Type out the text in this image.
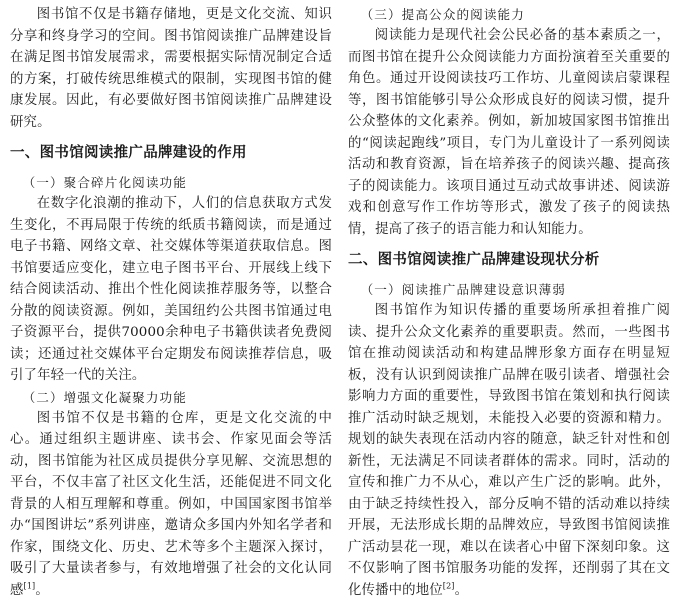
图书馆不仅是书籍存储地，更是文化交流、知识分享和终身学习的空间。图书馆阅读推广品牌建设旨在满足图书馆发展需求，需要根据实际情况制定合适的方案，打破传统思维模式的限制，实现图书馆的健康发展。因此，有必要做好图书馆阅读推广品牌建设研究。

一、图书馆阅读推广品牌建设的作用
（一）聚合碎片化阅读功能

在数字化浪潮的推动下，人们的信息获取方式发生变化，不再局限于传统的纸质书籍阅读，而是通过电子书籍、网络文章、社交媒体等渠道获取信息。图书馆要适应变化，建立电子图书平台、开展线上线下结合阅读活动、推出个性化阅读推荐服务等，以整合分散的阅读资源。例如，美国纽约公共图书馆通过电子资源平台，提供70000余种电子书籍供读者免费阅读；还通过社交媒体平台定期发布阅读推荐信息，吸引了年轻一代的关注。

（二）增强文化凝聚力功能

图书馆不仅是书籍的仓库，更是文化交流的中心。通过组织主题讲座、读书会、作家见面会等活动，图书馆能为社区成员提供分享见解、交流思想的平台，不仅丰富了社区文化生活，还能促进不同文化背景的人相互理解和尊重。例如，中国国家图书馆举办“国图讲坛”系列讲座，邀请众多国内外知名学者和作家，围绕文化、历史、艺术等多个主题深入探讨，吸引了大量读者参与，有效地增强了社会的文化认同感[1]。

（三）提高公众的阅读能力

阅读能力是现代社会公民必备的基本素质之一，而图书馆在提升公众阅读能力方面扮演着至关重要的角色。通过开设阅读技巧工作坊、儿童阅读启蒙课程等，图书馆能够引导公众形成良好的阅读习惯，提升公众整体的文化素养。例如，新加坡国家图书馆推出的“阅读起跑线”项目，专门为儿童设计了一系列阅读活动和教育资源，旨在培养孩子的阅读兴趣、提高孩子的阅读能力。该项目通过互动式故事讲述、阅读游戏和创意写作工作坊等形式，激发了孩子的阅读热情，提高了孩子的语言能力和认知能力。

二、图书馆阅读推广品牌建设现状分析
（一）阅读推广品牌建设意识薄弱

图书馆作为知识传播的重要场所承担着推广阅读、提升公众文化素养的重要职责。然而，一些图书馆在推动阅读活动和构建品牌形象方面存在明显短板，没有认识到阅读推广品牌在吸引读者、增强社会影响力方面的重要性，导致图书馆在策划和执行阅读推广活动时缺乏规划，未能投入必要的资源和精力。规划的缺失表现在活动内容的随意，缺乏针对性和创新性，无法满足不同读者群体的需求。同时，活动的宣传和推广力不从心，难以产生广泛的影响。此外，由于缺乏持续性投入，部分反响不错的活动难以持续开展，无法形成长期的品牌效应，导致图书馆阅读推广活动昙花一现，难以在读者心中留下深刻印象。这不仅影响了图书馆服务功能的发挥，还削弱了其在文化传播中的地位[2]。
